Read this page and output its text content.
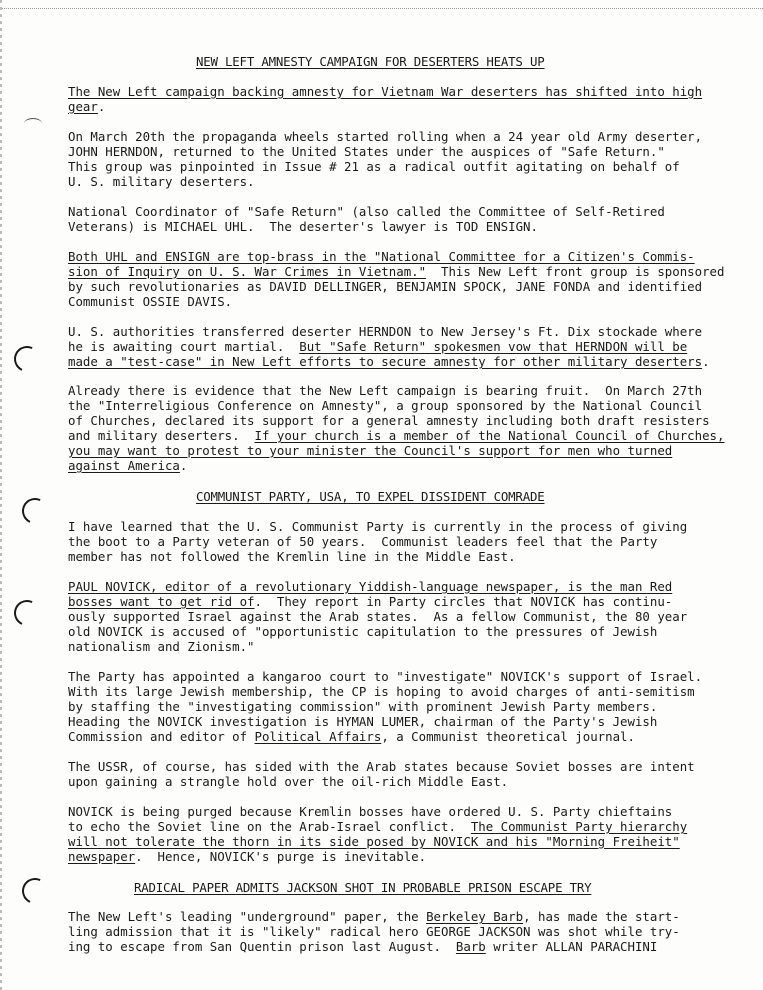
NEW LEFT AMNESTY CAMPAIGN FOR DESERTERS HEATS UP
COMMUNIST PARTY, USA, TO EXPEL DISSIDENT COMRADE
RADICAL PAPER ADMITS JACKSON SHOT IN PROBABLE PRISON ESCAPE TRY
The New Left campaign backing amnesty for Vietnam War deserters has shifted into high
gear.
On March 20th the propaganda wheels started rolling when a 24 year old Army deserter,
JOHN HERNDON, returned to the United States under the auspices of "Safe Return."
This group was pinpointed in Issue # 21 as a radical outfit agitating on behalf of
U. S. military deserters.
National Coordinator of "Safe Return" (also called the Committee of Self-Retired
Veterans) is MICHAEL UHL.  The deserter's lawyer is TOD ENSIGN.
Both UHL and ENSIGN are top-brass in the "National Committee for a Citizen's Commis-
sion of Inquiry on U. S. War Crimes in Vietnam."  This New Left front group is sponsored
by such revolutionaries as DAVID DELLINGER, BENJAMIN SPOCK, JANE FONDA and identified
Communist OSSIE DAVIS.
U. S. authorities transferred deserter HERNDON to New Jersey's Ft. Dix stockade where
he is awaiting court martial.  But "Safe Return" spokesmen vow that HERNDON will be
made a "test-case" in New Left efforts to secure amnesty for other military deserters.
Already there is evidence that the New Left campaign is bearing fruit.  On March 27th
the "Interreligious Conference on Amnesty", a group sponsored by the National Council
of Churches, declared its support for a general amnesty including both draft resisters
and military deserters.  If your church is a member of the National Council of Churches,
you may want to protest to your minister the Council's support for men who turned
against America.
I have learned that the U. S. Communist Party is currently in the process of giving
the boot to a Party veteran of 50 years.  Communist leaders feel that the Party
member has not followed the Kremlin line in the Middle East.
PAUL NOVICK, editor of a revolutionary Yiddish-language newspaper, is the man Red
bosses want to get rid of.  They report in Party circles that NOVICK has continu-
ously supported Israel against the Arab states.  As a fellow Communist, the 80 year
old NOVICK is accused of "opportunistic capitulation to the pressures of Jewish
nationalism and Zionism."
The Party has appointed a kangaroo court to "investigate" NOVICK's support of Israel.
With its large Jewish membership, the CP is hoping to avoid charges of anti-semitism
by staffing the "investigating commission" with prominent Jewish Party members.
Heading the NOVICK investigation is HYMAN LUMER, chairman of the Party's Jewish
Commission and editor of Political Affairs, a Communist theoretical journal.
The USSR, of course, has sided with the Arab states because Soviet bosses are intent
upon gaining a strangle hold over the oil-rich Middle East.
NOVICK is being purged because Kremlin bosses have ordered U. S. Party chieftains
to echo the Soviet line on the Arab-Israel conflict.  The Communist Party hierarchy
will not tolerate the thorn in its side posed by NOVICK and his "Morning Freiheit"
newspaper.  Hence, NOVICK's purge is inevitable.
The New Left's leading "underground" paper, the Berkeley Barb, has made the start-
ling admission that it is "likely" radical hero GEORGE JACKSON was shot while try-
ing to escape from San Quentin prison last August.  Barb writer ALLAN PARACHINI
